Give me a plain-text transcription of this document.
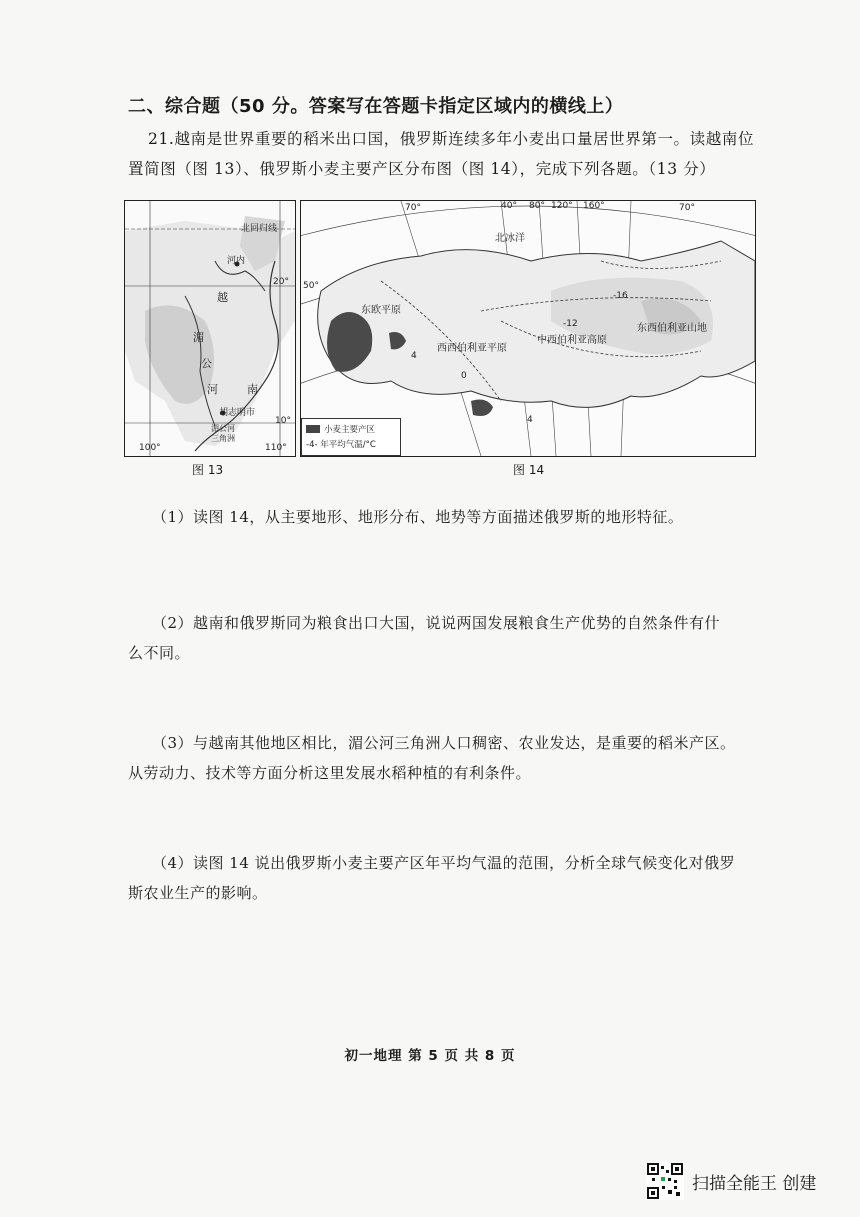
二、综合题（50 分。答案写在答题卡指定区域内的横线上）
21.越南是世界重要的稻米出口国，俄罗斯连续多年小麦出口量居世界第一。读越南位
置简图（图 13）、俄罗斯小麦主要产区分布图（图 14），完成下列各题。（13 分）
北回归线
河内
20°
越
湄
公
河	南
胡志明市
10°
湄公河
三角洲
100°	110°
图 13
70°	40° 80° 120° 160°	70°
50°
北冰洋
东欧平原
西西伯利亚平原
中西伯利亚高原
东西伯利亚山地
-16
-12
4
0
4
小麦主要产区
-4- 年平均气温/°C
图 14
（1）读图 14，从主要地形、地形分布、地势等方面描述俄罗斯的地形特征。
（2）越南和俄罗斯同为粮食出口大国，说说两国发展粮食生产优势的自然条件有什
么不同。
（3）与越南其他地区相比，湄公河三角洲人口稠密、农业发达，是重要的稻米产区。
从劳动力、技术等方面分析这里发展水稻种植的有利条件。
（4）读图 14 说出俄罗斯小麦主要产区年平均气温的范围，分析全球气候变化对俄罗
斯农业生产的影响。
初一地理 第 5 页 共 8 页
扫描全能王 创建
